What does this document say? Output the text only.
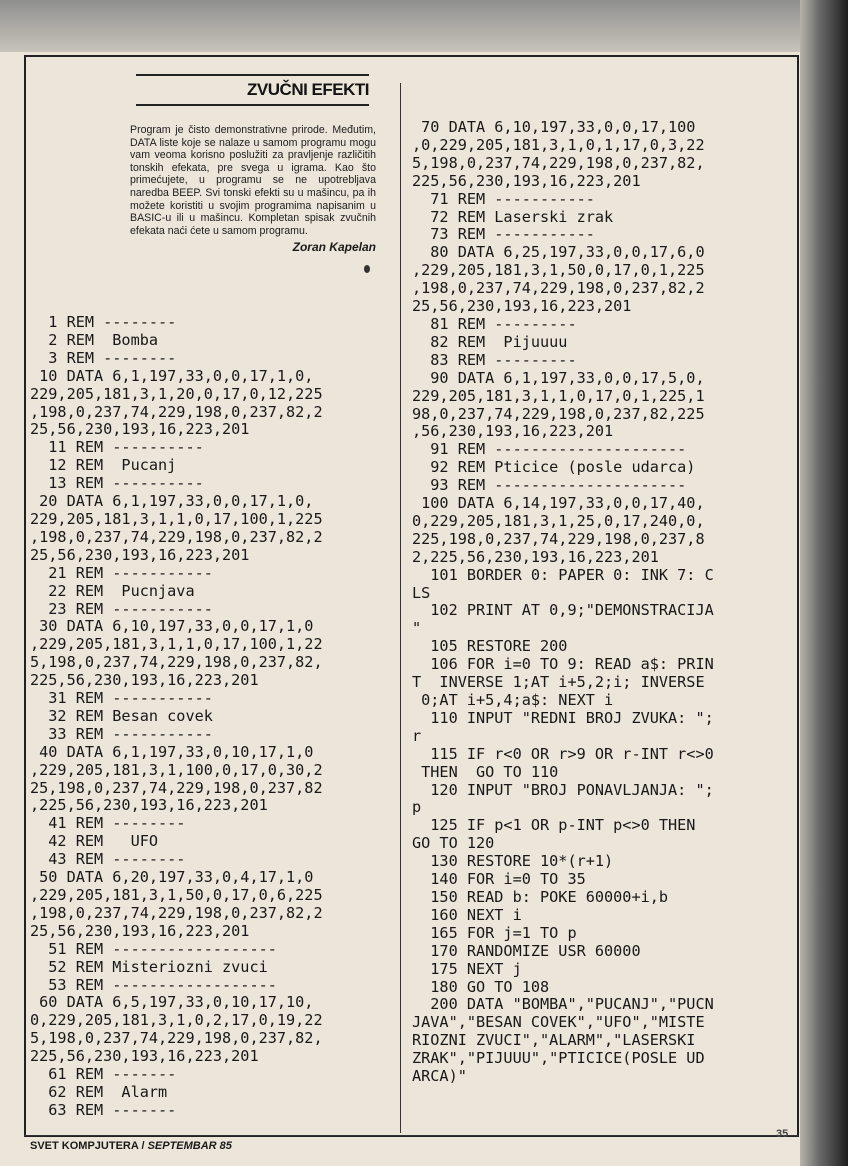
ZVUČNI EFEKTI
Program je čisto demonstrativne prirode. Međutim, DATA liste koje se nalaze u samom programu mogu vam veoma korisno poslužiti za pravljenje različitih tonskih efekata, pre svega u igrama. Kao što primećujete, u programu se ne upotrebljava naredba BEEP. Svi tonski efekti su u mašincu, pa ih možete koristiti u svojim programima napisanim u BASIC-u ili u mašincu. Kompletan spisak zvučnih efekata naći ćete u samom programu.
Zoran Kapelan
1 REM --------
2 REM  Bomba
3 REM --------
10 DATA 6,1,197,33,0,0,17,1,0,
229,205,181,3,1,20,0,17,0,12,225
,198,0,237,74,229,198,0,237,82,2
25,56,230,193,16,223,201
11 REM ----------
12 REM  Pucanj
13 REM ----------
20 DATA 6,1,197,33,0,0,17,1,0,
229,205,181,3,1,1,0,17,100,1,225
,198,0,237,74,229,198,0,237,82,2
25,56,230,193,16,223,201
21 REM -----------
22 REM  Pucnjava
23 REM -----------
30 DATA 6,10,197,33,0,0,17,1,0
,229,205,181,3,1,1,0,17,100,1,22
5,198,0,237,74,229,198,0,237,82,
225,56,230,193,16,223,201
31 REM -----------
32 REM Besan covek
33 REM -----------
40 DATA 6,1,197,33,0,10,17,1,0
,229,205,181,3,1,100,0,17,0,30,2
25,198,0,237,74,229,198,0,237,82
,225,56,230,193,16,223,201
41 REM --------
42 REM   UFO
43 REM --------
50 DATA 6,20,197,33,0,4,17,1,0
,229,205,181,3,1,50,0,17,0,6,225
,198,0,237,74,229,198,0,237,82,2
25,56,230,193,16,223,201
51 REM ------------------
52 REM Misteriozni zvuci
53 REM ------------------
60 DATA 6,5,197,33,0,10,17,10,
0,229,205,181,3,1,0,2,17,0,19,22
5,198,0,237,74,229,198,0,237,82,
225,56,230,193,16,223,201
61 REM -------
62 REM  Alarm
63 REM -------
70 DATA 6,10,197,33,0,0,17,100
,0,229,205,181,3,1,0,1,17,0,3,22
5,198,0,237,74,229,198,0,237,82,
225,56,230,193,16,223,201
71 REM -----------
72 REM Laserski zrak
73 REM -----------
80 DATA 6,25,197,33,0,0,17,6,0
,229,205,181,3,1,50,0,17,0,1,225
,198,0,237,74,229,198,0,237,82,2
25,56,230,193,16,223,201
81 REM ---------
82 REM  Pijuuuu
83 REM ---------
90 DATA 6,1,197,33,0,0,17,5,0,
229,205,181,3,1,1,0,17,0,1,225,1
98,0,237,74,229,198,0,237,82,225
,56,230,193,16,223,201
91 REM ---------------------
92 REM Pticice (posle udarca)
93 REM ---------------------
100 DATA 6,14,197,33,0,0,17,40,
0,229,205,181,3,1,25,0,17,240,0,
225,198,0,237,74,229,198,0,237,8
2,225,56,230,193,16,223,201
101 BORDER 0: PAPER 0: INK 7: C
LS
102 PRINT AT 0,9;"DEMONSTRACIJA
"
105 RESTORE 200
106 FOR i=0 TO 9: READ a$: PRIN
T  INVERSE 1;AT i+5,2;i; INVERSE
0;AT i+5,4;a$: NEXT i
110 INPUT "REDNI BROJ ZVUKA: ";
r
115 IF r<0 OR r>9 OR r-INT r<>0
THEN  GO TO 110
120 INPUT "BROJ PONAVLJANJA: ";
p
125 IF p<1 OR p-INT p<>0 THEN
GO TO 120
130 RESTORE 10*(r+1)
140 FOR i=0 TO 35
150 READ b: POKE 60000+i,b
160 NEXT i
165 FOR j=1 TO p
170 RANDOMIZE USR 60000
175 NEXT j
180 GO TO 108
200 DATA "BOMBA","PUCANJ","PUCN
JAVA","BESAN COVEK","UFO","MISTE
RIOZNI ZVUCI","ALARM","LASERSKI
ZRAK","PIJUUU","PTICICE(POSLE UD
ARCA)"
SVET KOMPJUTERA / SEPTEMBAR 85
35
